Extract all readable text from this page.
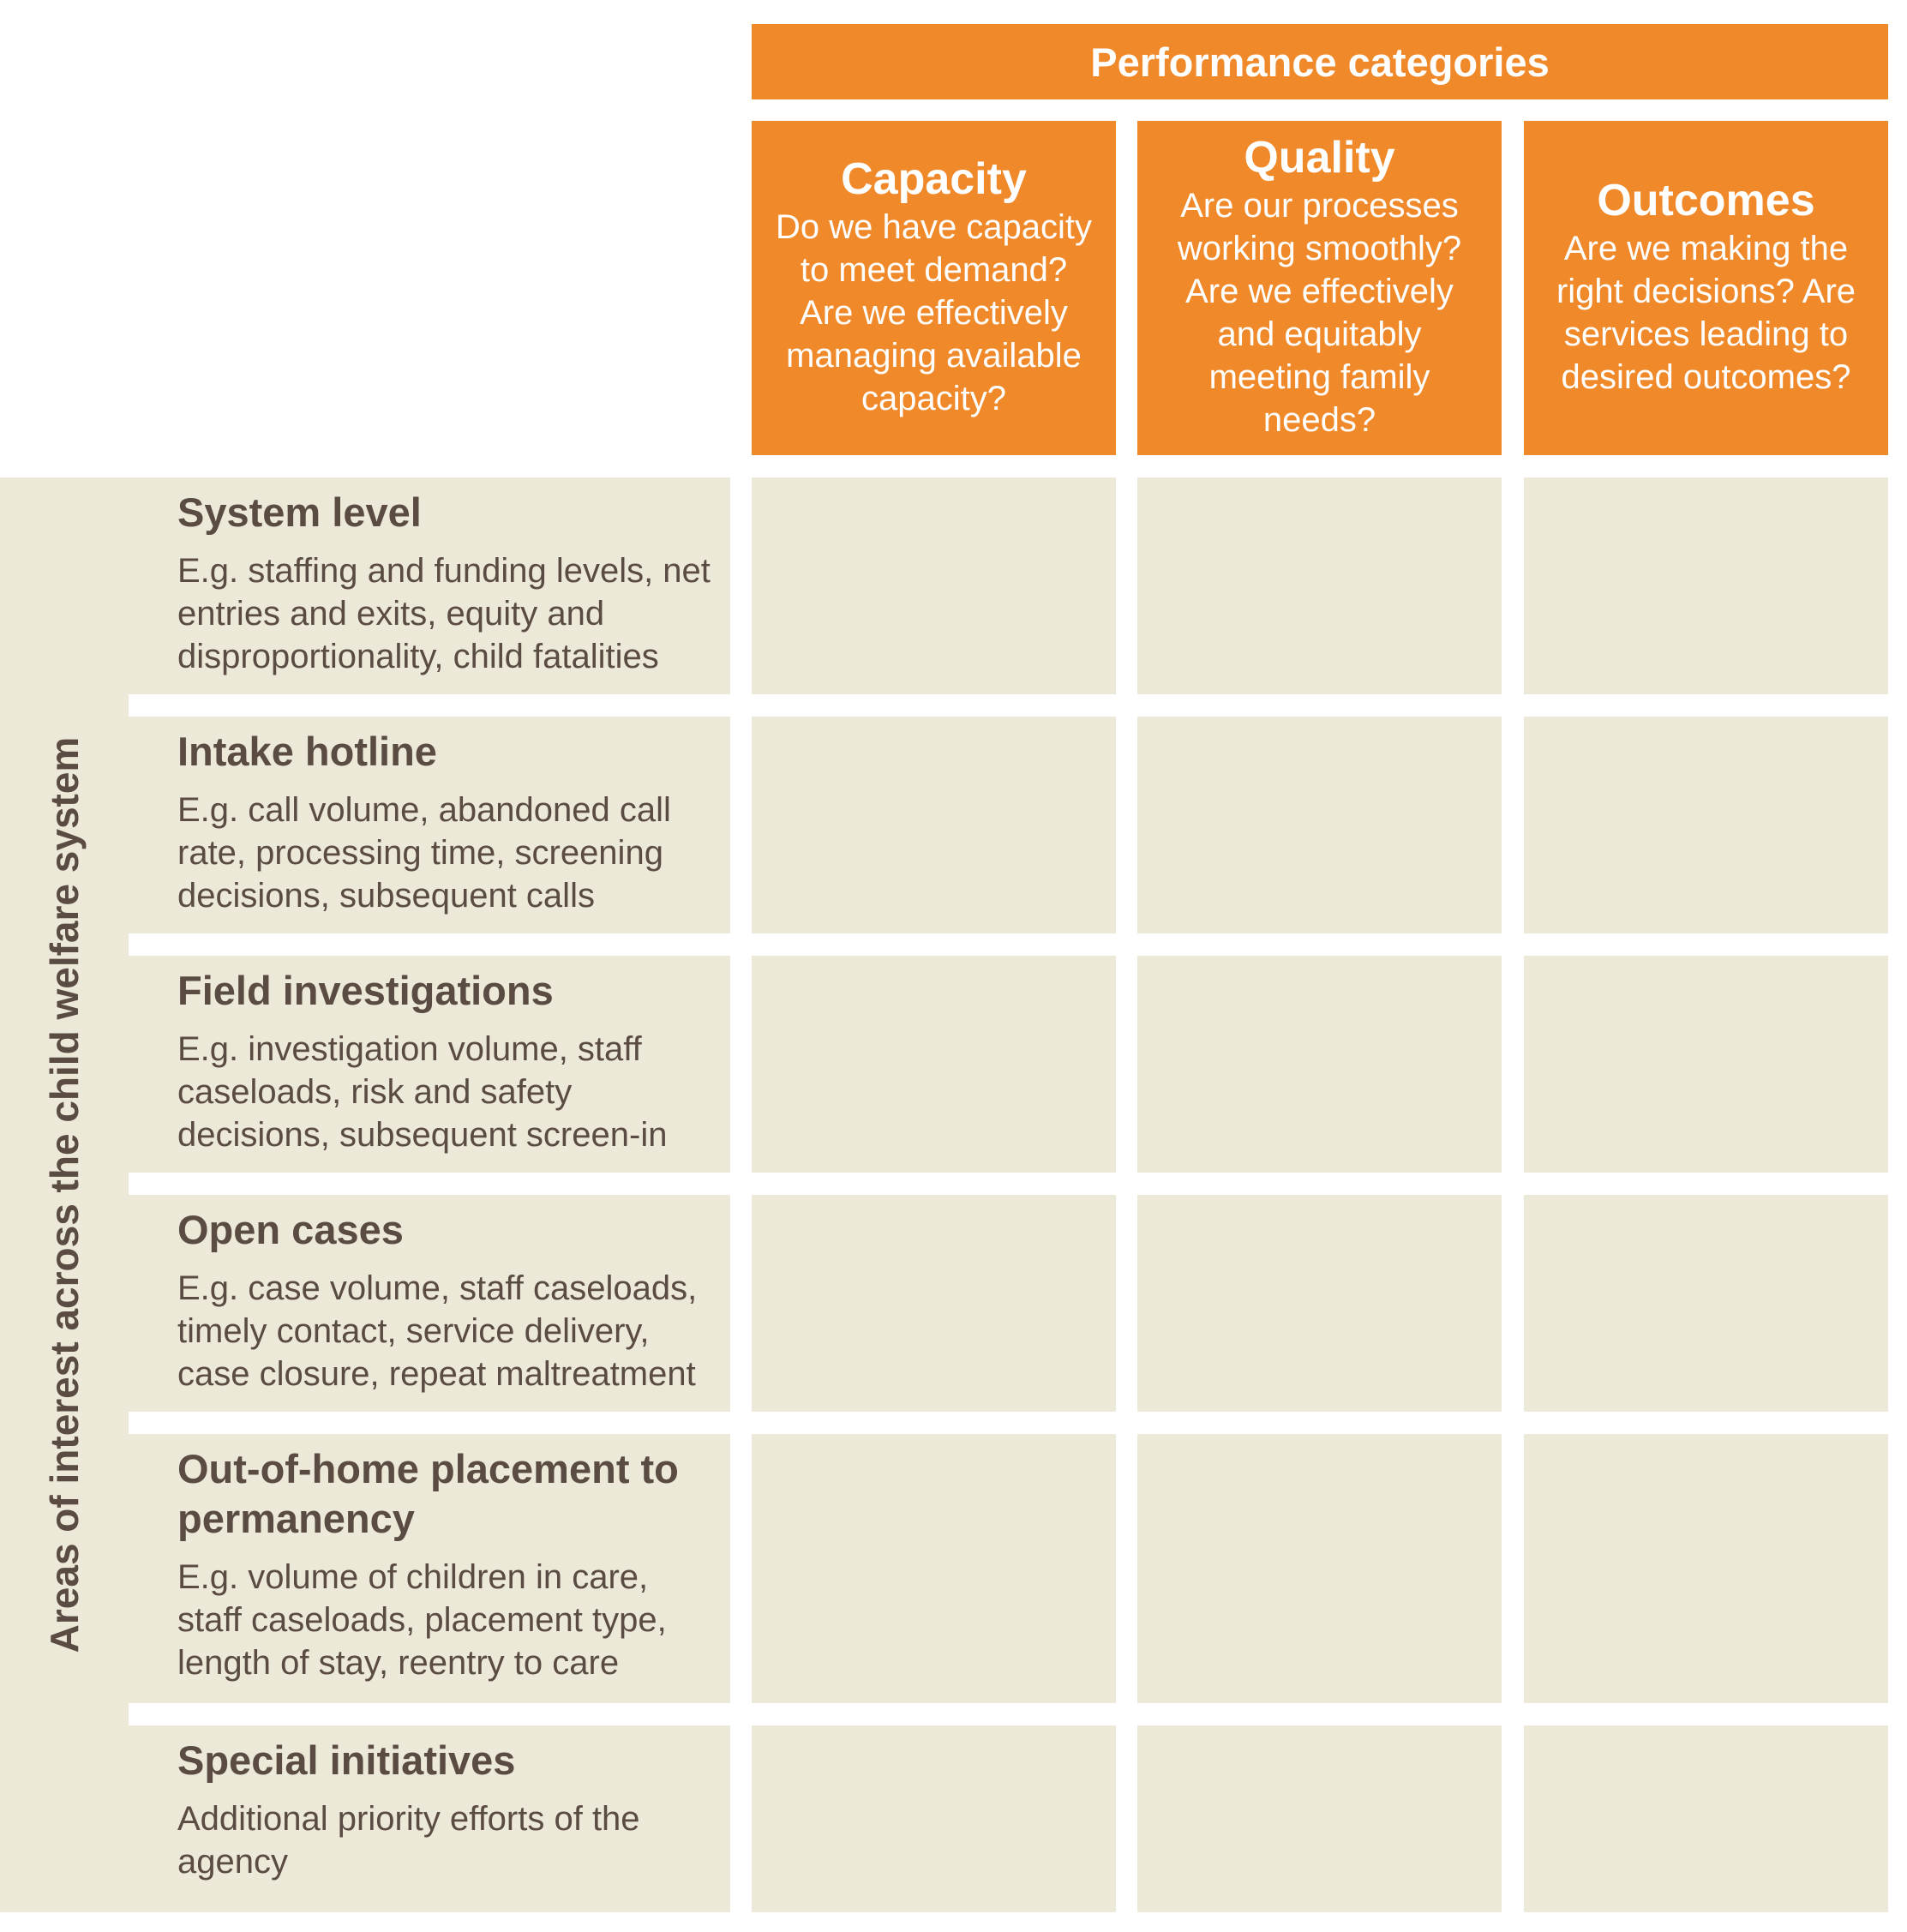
Performance categories
Capacity
Do we have capacity to meet demand? Are we effectively managing available capacity?
Quality
Are our processes working smoothly? Are we effectively and equitably meeting family needs?
Outcomes
Are we making the right decisions? Are services leading to desired outcomes?
Areas of interest across the child welfare system
System level
E.g. staffing and funding levels, net entries and exits, equity and disproportionality, child fatalities
Intake hotline
E.g. call volume, abandoned call rate, processing time, screening decisions, subsequent calls
Field investigations
E.g. investigation volume, staff caseloads, risk and safety decisions, subsequent screen-in
Open cases
E.g. case volume, staff caseloads, timely contact, service delivery, case closure, repeat maltreatment
Out-of-home placement to permanency
E.g. volume of children in care, staff caseloads, placement type, length of stay, reentry to care
Special initiatives
Additional priority efforts of the agency
